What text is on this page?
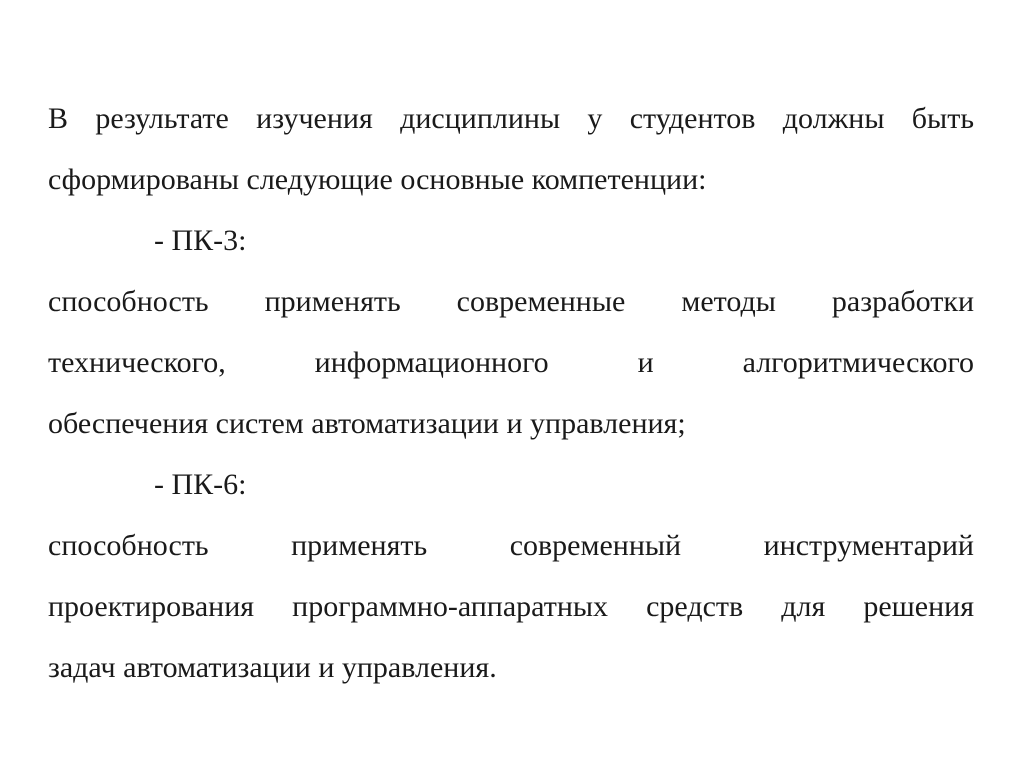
В результате изучения дисциплины у студентов должны быть

сформированы следующие основные компетенции:

- ПК-3:

способность применять современные методы разработки

технического, информационного и алгоритмического

обеспечения систем автоматизации и управления;

- ПК-6:

способность применять современный инструментарий

проектирования программно-аппаратных средств для решения

задач автоматизации и управления.
